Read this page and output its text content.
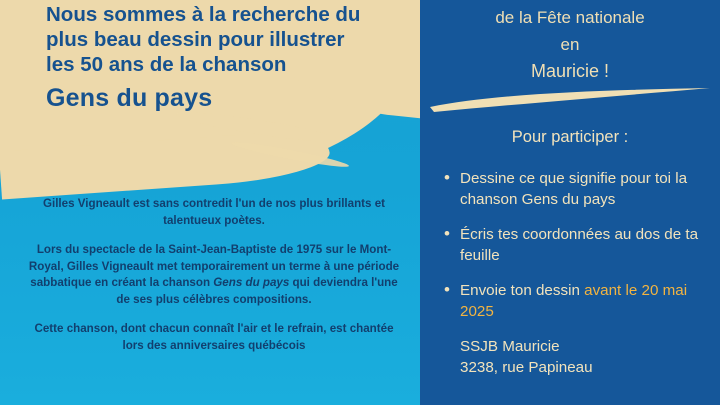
Nous sommes à la recherche du
plus beau dessin pour illustrer
les 50 ans de la chanson
Gens du pays

Gilles Vigneault est sans contredit l'un de nos plus brillants et talentueux poètes.

Lors du spectacle de la Saint-Jean-Baptiste de 1975 sur le Mont-Royal, Gilles Vigneault met temporairement un terme à une période sabbatique en créant la chanson Gens du pays qui deviendra l'une de ses plus célèbres compositions.

Cette chanson, dont chacun connaît l'air et le refrain, est chantée lors des anniversaires québécois

de la Fête nationale
en
Mauricie !
Pour participer :
• Dessine ce que signifie pour toi la chanson Gens du pays
• Écris tes coordonnées au dos de ta feuille
• Envoie ton dessin avant le 20 mai 2025
SSJB Mauricie
3238, rue Papineau
